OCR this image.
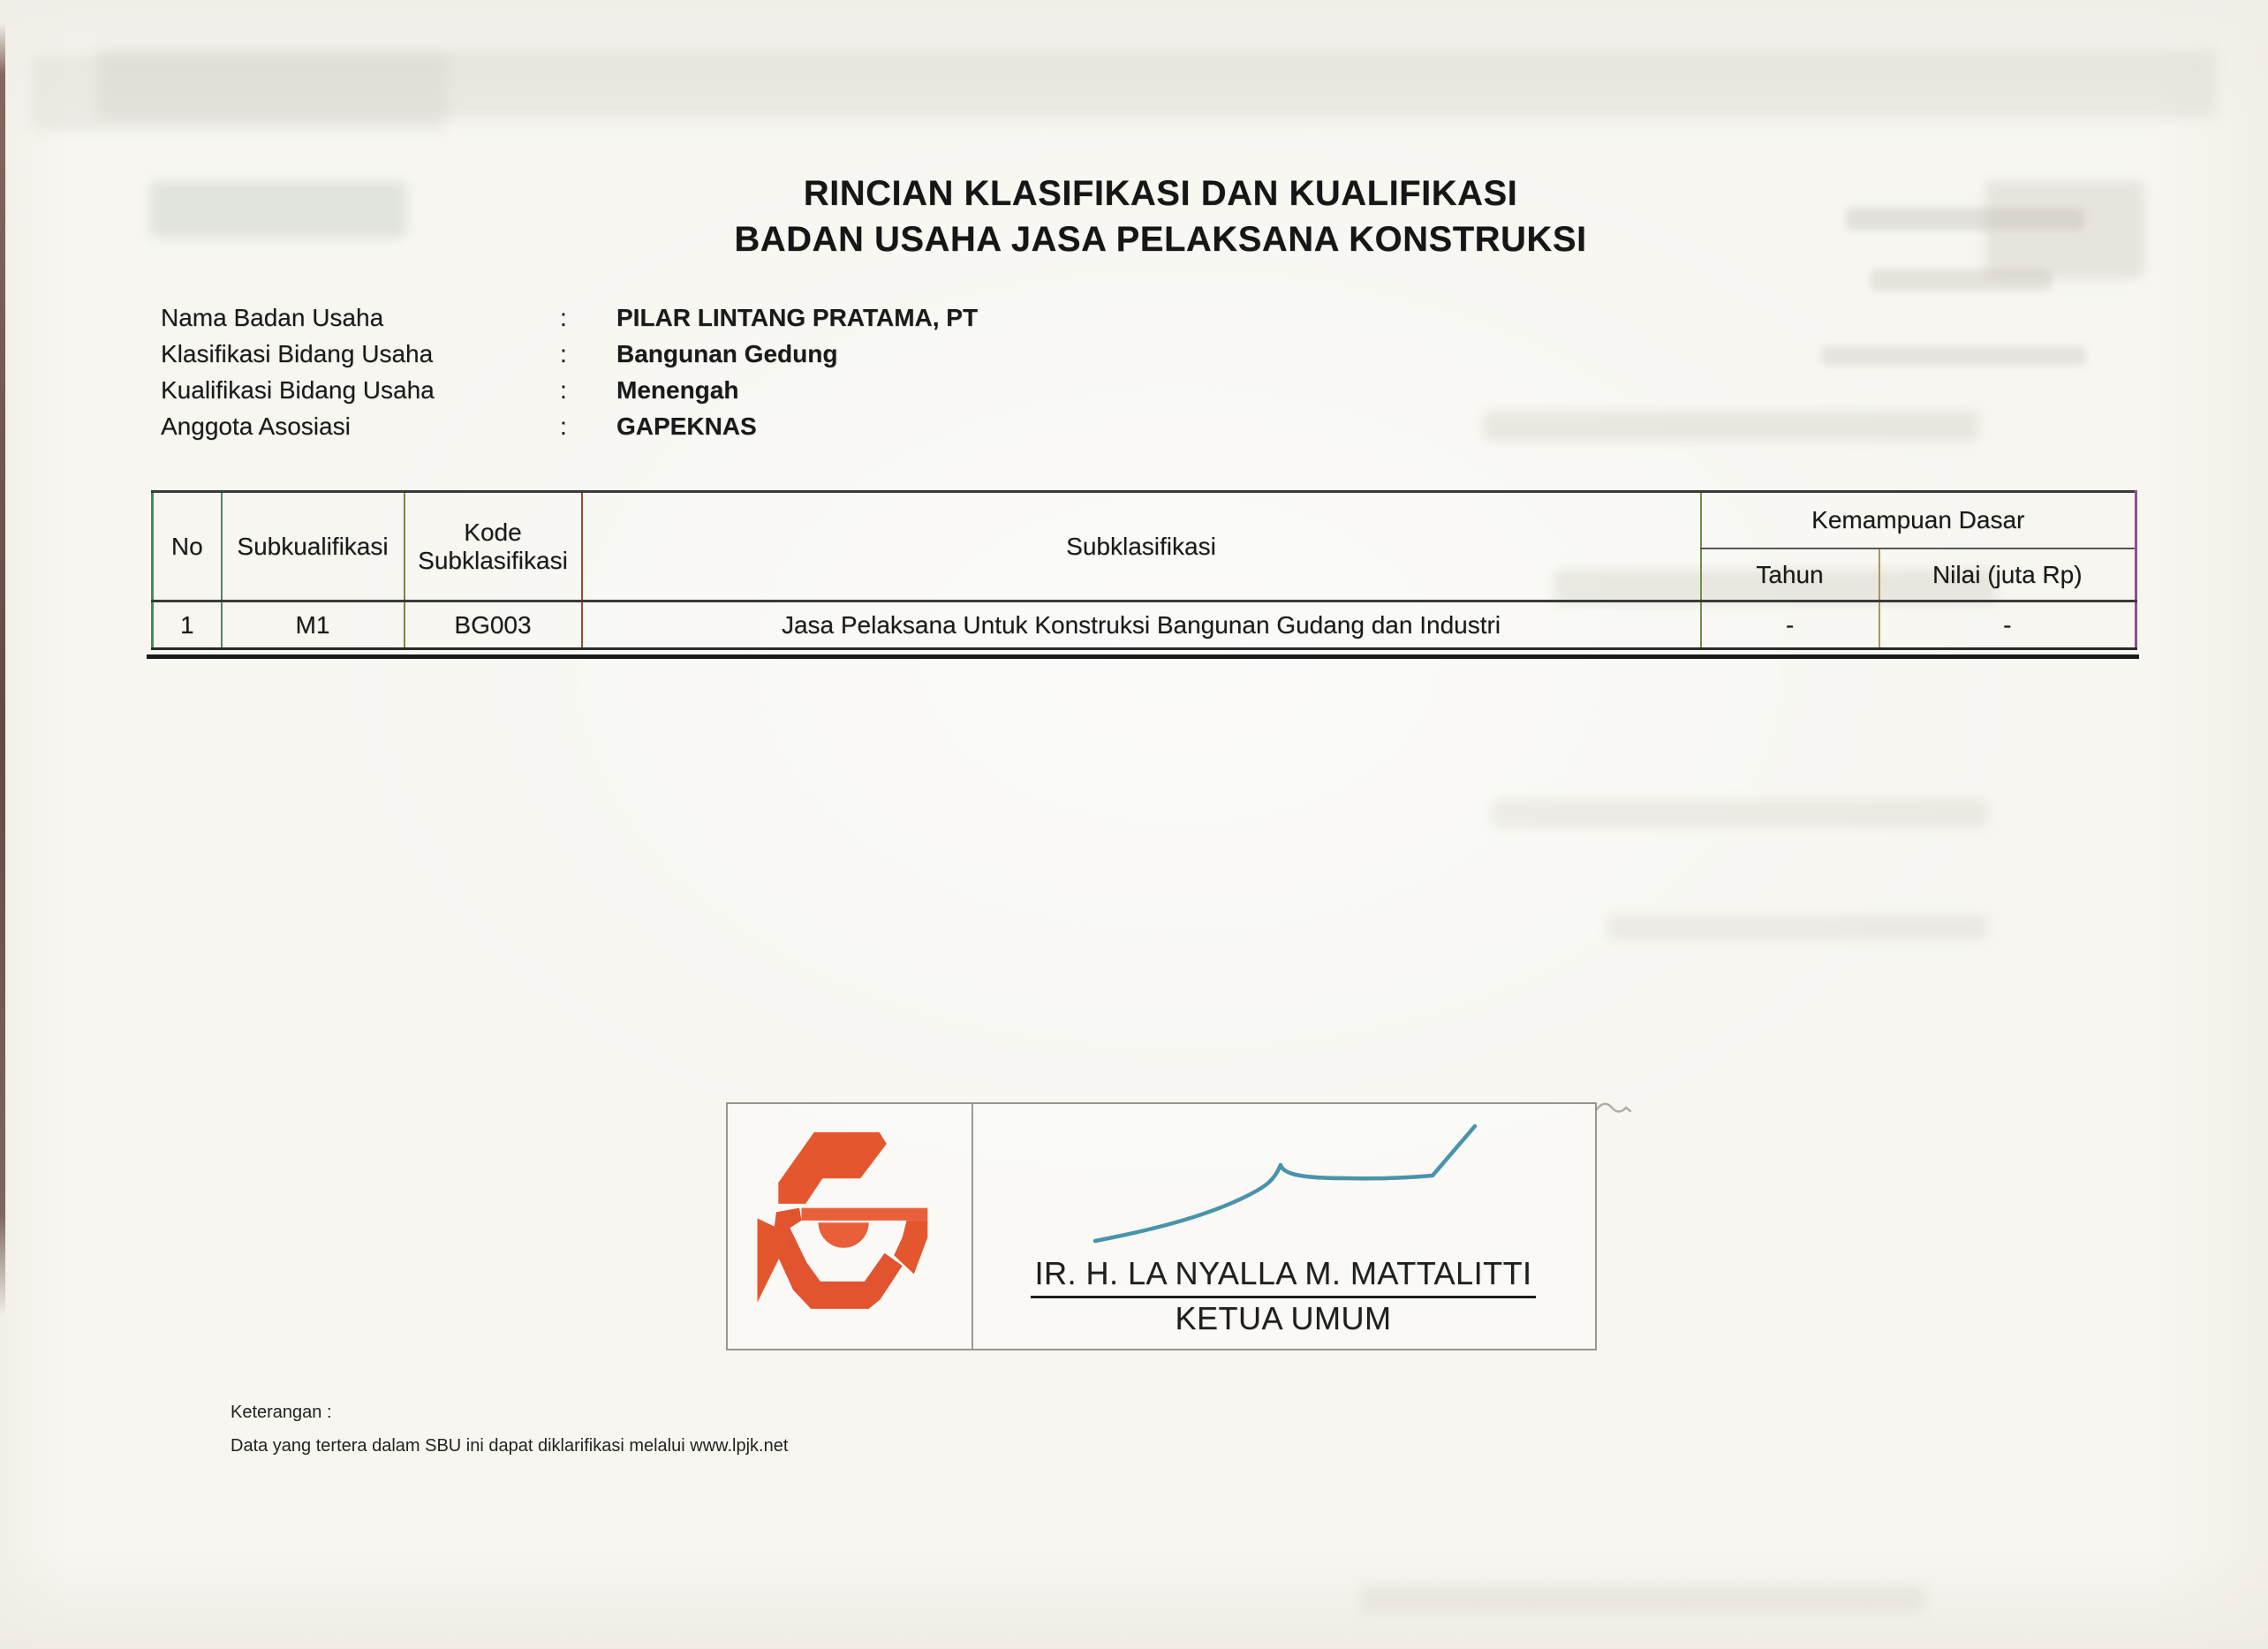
RINCIAN KLASIFIKASI DAN KUALIFIKASI
BADAN USAHA JASA PELAKSANA KONSTRUKSI
Nama Badan Usaha	:	PILAR LINTANG PRATAMA, PT
Klasifikasi Bidang Usaha	:	Bangunan Gedung
Kualifikasi Bidang Usaha	:	Menengah
Anggota Asosiasi	:	GAPEKNAS
No	Subkualifikasi	Kode Subklasifikasi	Subklasifikasi	Kemampuan Dasar	
				Tahun	Nilai (juta Rp)
1	M1	BG003	Jasa Pelaksana Untuk Konstruksi Bangunan Gudang dan Industri	-	-
IR. H. LA NYALLA M. MATTALITTI
KETUA UMUM
Keterangan :
Data yang tertera dalam SBU ini dapat diklarifikasi melalui www.lpjk.net
